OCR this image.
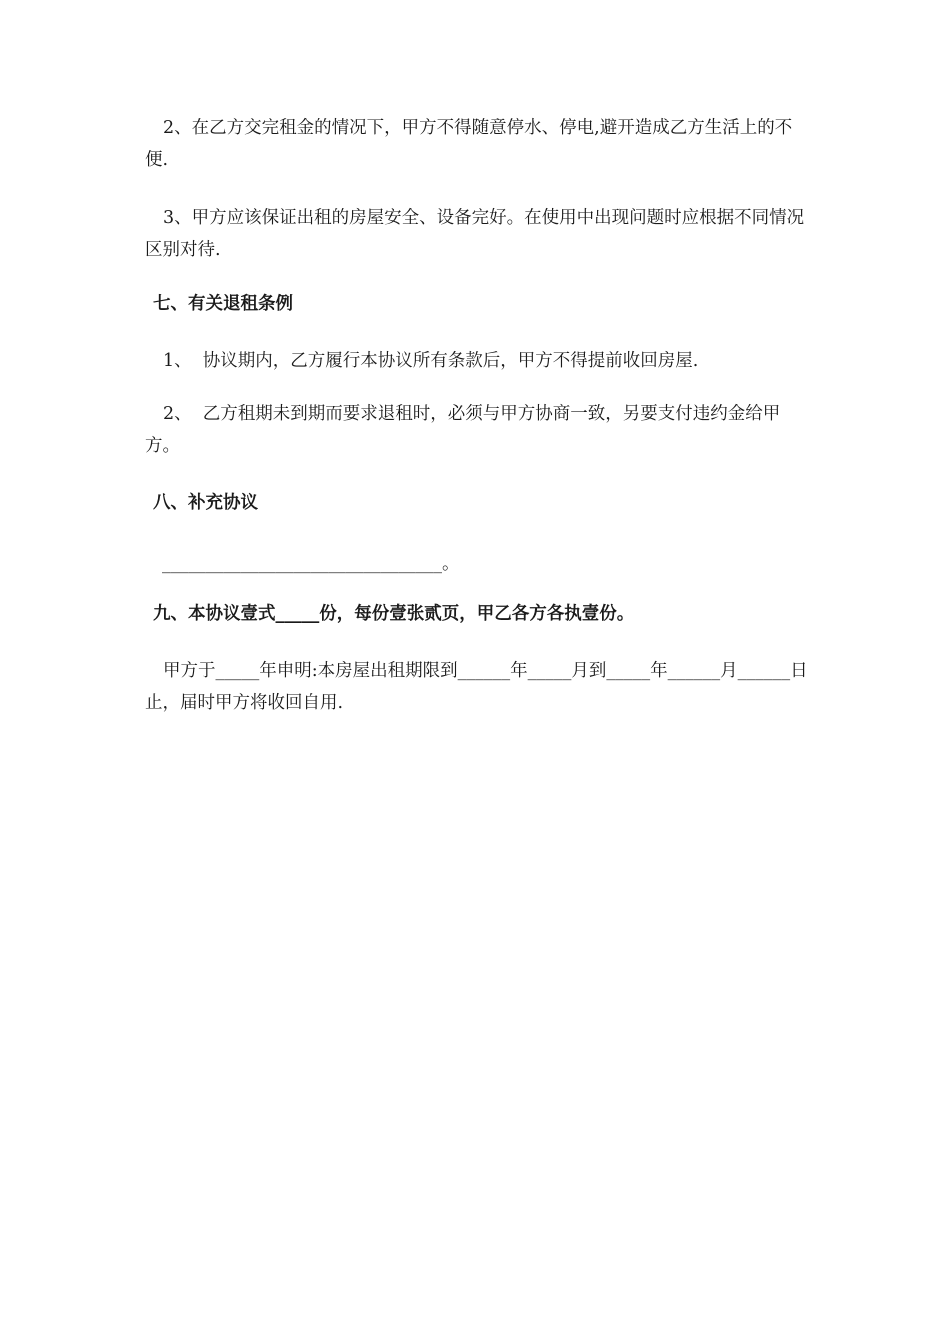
2、在乙方交完租金的情况下，甲方不得随意停水、停电,避开造成乙方生活上的不便.
3、甲方应该保证出租的房屋安全、设备完好。在使用中出现问题时应根据不同情况区别对待.
七、有关退租条例
1、  协议期内，乙方履行本协议所有条款后，甲方不得提前收回房屋.
2、  乙方租期未到期而要求退租时，必须与甲方协商一致，另要支付违约金给甲方。
八、补充协议
________________________________。
九、本协议壹式_____份，每份壹张贰页，甲乙各方各执壹份。
甲方于_____年申明:本房屋出租期限到______年_____月到_____年______月______日止，届时甲方将收回自用.
